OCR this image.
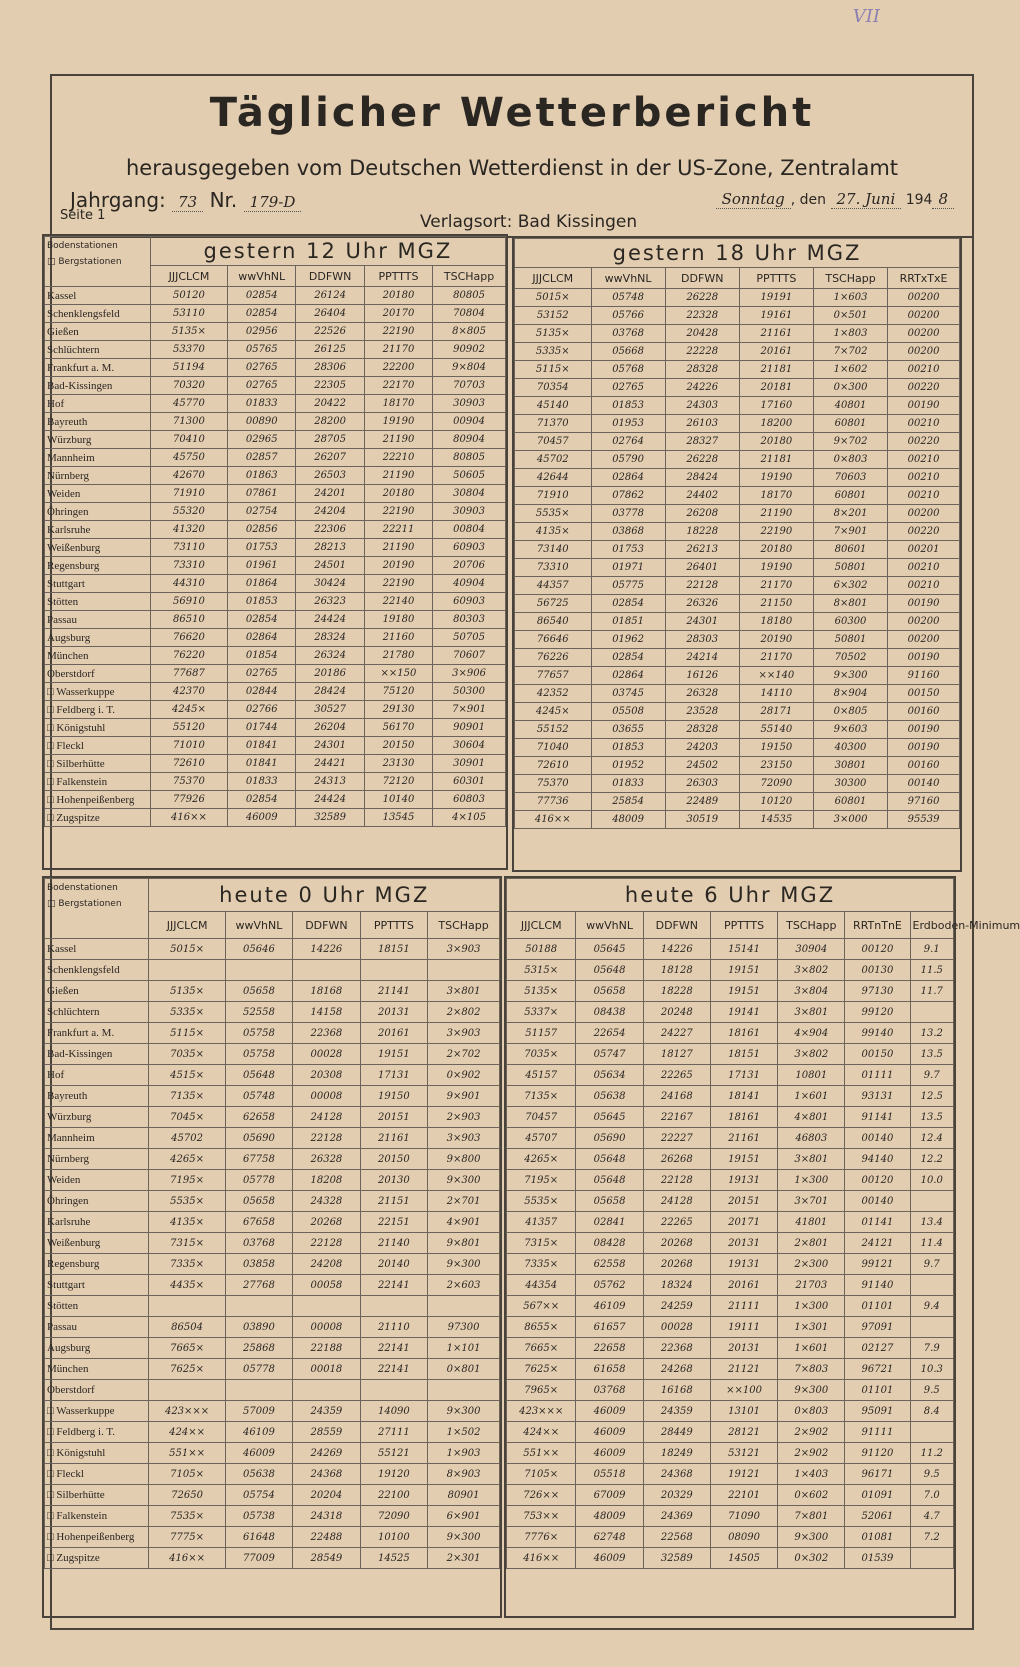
VII
Täglicher Wetterbericht
herausgegeben vom Deutschen Wetterdienst in der US-Zone, Zentralamt
Jahrgang: 73 Nr. 179-D
Seite 1	Verlagsort: Bad Kissingen
Sonntag , den 27. Juni 194 8
Bodenstationen
□ Bergstationen	gestern 12 Uhr MGZ				
	JJJCLCM	wwVhNL	DDFWN	PPTTTS	TSCHapp
Kassel	50120	02854	26124	20180	80805
Schenklengsfeld	53110	02854	26404	20170	70804
Gießen	5135×	02956	22526	22190	8×805
Schlüchtern	53370	05765	26125	21170	90902
Frankfurt a. M.	51194	02765	28306	22200	9×804
Bad-Kissingen	70320	02765	22305	22170	70703
Hof	45770	01833	20422	18170	30903
Bayreuth	71300	00890	28200	19190	00904
Würzburg	70410	02965	28705	21190	80904
Mannheim	45750	02857	26207	22210	80805
Nürnberg	42670	01863	26503	21190	50605
Weiden	71910	07861	24201	20180	30804
Öhringen	55320	02754	24204	22190	30903
Karlsruhe	41320	02856	22306	22211	00804
Weißenburg	73110	01753	28213	21190	60903
Regensburg	73310	01961	24501	20190	20706
Stuttgart	44310	01864	30424	22190	40904
Stötten	56910	01853	26323	22140	60903
Passau	86510	02854	24424	19180	80303
Augsburg	76620	02864	28324	21160	50705
München	76220	01854	26324	21780	70607
Oberstdorf	77687	02765	20186	××150	3×906
□ Wasserkuppe	42370	02844	28424	75120	50300
□ Feldberg i. T.	4245×	02766	30527	29130	7×901
□ Königstuhl	55120	01744	26204	56170	90901
□ Fleckl	71010	01841	24301	20150	30604
□ Silberhütte	72610	01841	24421	23130	30901
□ Falkenstein	75370	01833	24313	72120	60301
□ Hohenpeißenberg	77926	02854	24424	10140	60803
□ Zugspitze	416××	46009	32589	13545	4×105
gestern 18 Uhr MGZ					
JJJCLCM	wwVhNL	DDFWN	PPTTTS	TSCHapp	RRTxTxE
5015×	05748	26228	19191	1×603	00200
53152	05766	22328	19161	0×501	00200
5135×	03768	20428	21161	1×803	00200
5335×	05668	22228	20161	7×702	00200
5115×	05768	28328	21181	1×602	00210
70354	02765	24226	20181	0×300	00220
45140	01853	24303	17160	40801	00190
71370	01953	26103	18200	60801	00210
70457	02764	28327	20180	9×702	00220
45702	05790	26228	21181	0×803	00210
42644	02864	28424	19190	70603	00210
71910	07862	24402	18170	60801	00210
5535×	03778	26208	21190	8×201	00200
4135×	03868	18228	22190	7×901	00220
73140	01753	26213	20180	80601	00201
73310	01971	26401	19190	50801	00210
44357	05775	22128	21170	6×302	00210
56725	02854	26326	21150	8×801	00190
86540	01851	24301	18180	60300	00200
76646	01962	28303	20190	50801	00200
76226	02854	24214	21170	70502	00190
77657	02864	16126	××140	9×300	91160
42352	03745	26328	14110	8×904	00150
4245×	05508	23528	28171	0×805	00160
55152	03655	28328	55140	9×603	00190
71040	01853	24203	19150	40300	00190
72610	01952	24502	23150	30801	00160
75370	01833	26303	72090	30300	00140
77736	25854	22489	10120	60801	97160
416××	48009	30519	14535	3×000	95539
Bodenstationen
□ Bergstationen	heute 0 Uhr MGZ				
	JJJCLCM	wwVhNL	DDFWN	PPTTTS	TSCHapp
Kassel	5015×	05646	14226	18151	3×903
Schenklengsfeld					
Gießen	5135×	05658	18168	21141	3×801
Schlüchtern	5335×	52558	14158	20131	2×802
Frankfurt a. M.	5115×	05758	22368	20161	3×903
Bad-Kissingen	7035×	05758	00028	19151	2×702
Hof	4515×	05648	20308	17131	0×902
Bayreuth	7135×	05748	00008	19150	9×901
Würzburg	7045×	62658	24128	20151	2×903
Mannheim	45702	05690	22128	21161	3×903
Nürnberg	4265×	67758	26328	20150	9×800
Weiden	7195×	05778	18208	20130	9×300
Öhringen	5535×	05658	24328	21151	2×701
Karlsruhe	4135×	67658	20268	22151	4×901
Weißenburg	7315×	03768	22128	21140	9×801
Regensburg	7335×	03858	24208	20140	9×300
Stuttgart	4435×	27768	00058	22141	2×603
Stötten					
Passau	86504	03890	00008	21110	97300
Augsburg	7665×	25868	22188	22141	1×101
München	7625×	05778	00018	22141	0×801
Oberstdorf					
□ Wasserkuppe	423×××	57009	24359	14090	9×300
□ Feldberg i. T.	424××	46109	28559	27111	1×502
□ Königstuhl	551××	46009	24269	55121	1×903
□ Fleckl	7105×	05638	24368	19120	8×903
□ Silberhütte	72650	05754	20204	22100	80901
□ Falkenstein	7535×	05738	24318	72090	6×901
□ Hohenpeißenberg	7775×	61648	22488	10100	9×300
□ Zugspitze	416××	77009	28549	14525	2×301
heute 6 Uhr MGZ						
JJJCLCM	wwVhNL	DDFWN	PPTTTS	TSCHapp	RRTnTnE	Erdboden-Minimum
50188	05645	14226	15141	30904	00120	9.1
5315×	05648	18128	19151	3×802	00130	11.5
5135×	05658	18228	19151	3×804	97130	11.7
5337×	08438	20248	19141	3×801	99120	
51157	22654	24227	18161	4×904	99140	13.2
7035×	05747	18127	18151	3×802	00150	13.5
45157	05634	22265	17131	10801	01111	9.7
7135×	05638	24168	18141	1×601	93131	12.5
70457	05645	22167	18161	4×801	91141	13.5
45707	05690	22227	21161	46803	00140	12.4
4265×	05648	26268	19151	3×801	94140	12.2
7195×	05648	22128	19131	1×300	00120	10.0
5535×	05658	24128	20151	3×701	00140	
41357	02841	22265	20171	41801	01141	13.4
7315×	08428	20268	20131	2×801	24121	11.4
7335×	62558	20268	19131	2×300	99121	9.7
44354	05762	18324	20161	21703	91140	
567××	46109	24259	21111	1×300	01101	9.4
8655×	61657	00028	19111	1×301	97091	
7665×	22658	22368	20131	1×601	02127	7.9
7625×	61658	24268	21121	7×803	96721	10.3
7965×	03768	16168	××100	9×300	01101	9.5
423×××	46009	24359	13101	0×803	95091	8.4
424××	46009	28449	28121	2×902	91111	
551××	46009	18249	53121	2×902	91120	11.2
7105×	05518	24368	19121	1×403	96171	9.5
726××	67009	20329	22101	0×602	01091	7.0
753××	48009	24369	71090	7×801	52061	4.7
7776×	62748	22568	08090	9×300	01081	7.2
416××	46009	32589	14505	0×302	01539	
